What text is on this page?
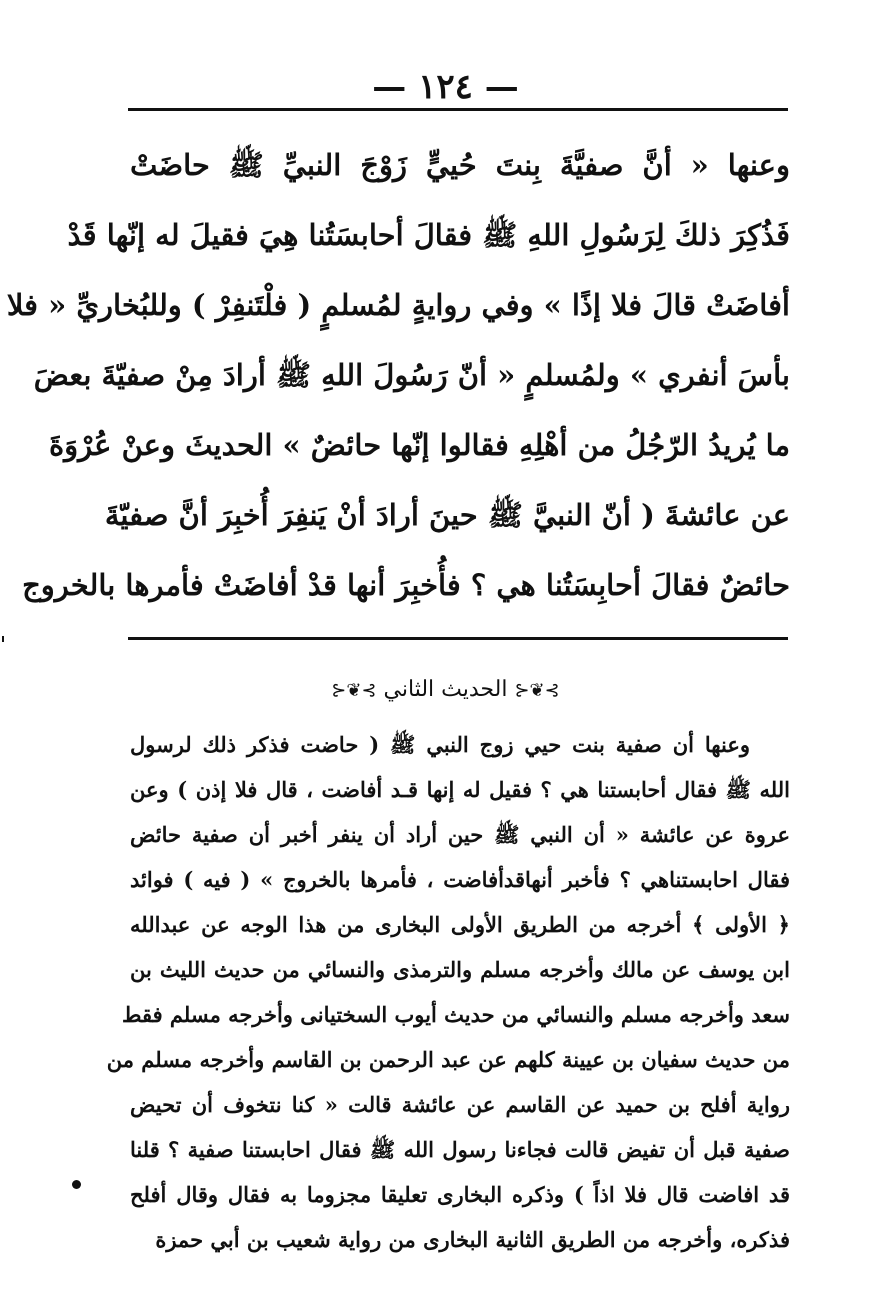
— ١٢٤ —
وعنها « أنَّ صفيَّةَ بِنتَ حُييٍّ زَوْجَ النبيِّ ﷺ حاضَتْ
فَذُكِرَ ذلكَ لِرَسُولِ اللهِ ﷺ فقالَ أحابسَتُنا هِيَ فقيلَ له إنّها قَدْ
أفاضَتْ قالَ فلا إذًا » وفي روايةٍ لمُسلمٍ ( فلْتَنفِرْ ) وللبُخاريِّ « فلا
بأسَ أنفري » ولمُسلمٍ « أنّ رَسُولَ اللهِ ﷺ أرادَ مِنْ صفيّةَ بعضَ
ما يُريدُ الرّجُلُ من أهْلِهِ فقالوا إنّها حائضٌ » الحديثَ وعنْ عُرْوَةَ
عن عائشةَ ( أنّ النبيَّ ﷺ حينَ أرادَ أنْ يَنفِرَ أُخبِرَ أنَّ صفيّةَ
حائضٌ فقالَ أحابِسَتُنا هي ؟ فأُخبِرَ أنها قدْ أفاضَتْ فأمرها بالخروج
⊱❦⊰ الحديث الثاني ⊱❦⊰
وعنها أن صفية بنت حيي زوج النبي ﷺ ( حاضت فذكر ذلك لرسول
الله ﷺ فقال أحابستنا هي ؟ فقيل له إنها قـد أفاضت ، قال فلا إذن ) وعن
عروة عن عائشة « أن النبي ﷺ حين أراد أن ينفر أخبر أن صفية حائض
فقال احابستناهي ؟ فأخبر أنهاقدأفاضت ، فأمرها بالخروج » ( فيه ) فوائد
﴿ الأولى ﴾ أخرجه من الطريق الأولى البخارى من هذا الوجه عن عبدالله
ابن يوسف عن مالك وأخرجه مسلم والترمذى والنسائي من حديث الليث بن
سعد وأخرجه مسلم والنسائي من حديث أيوب السختيانى وأخرجه مسلم فقط
من حديث سفيان بن عيينة كلهم عن عبد الرحمن بن القاسم وأخرجه مسلم من
رواية أفلح بن حميد عن القاسم عن عائشة قالت « كنا نتخوف أن تحيض
صفية قبل أن تفيض قالت فجاءنا رسول الله ﷺ فقال احابستنا صفية ؟ قلنا
قد افاضت قال فلا اذاً ) وذكره البخارى تعليقا مجزوما به فقال وقال أفلح
فذكره، وأخرجه من الطريق الثانية البخارى من رواية شعيب بن أبي حمزة
